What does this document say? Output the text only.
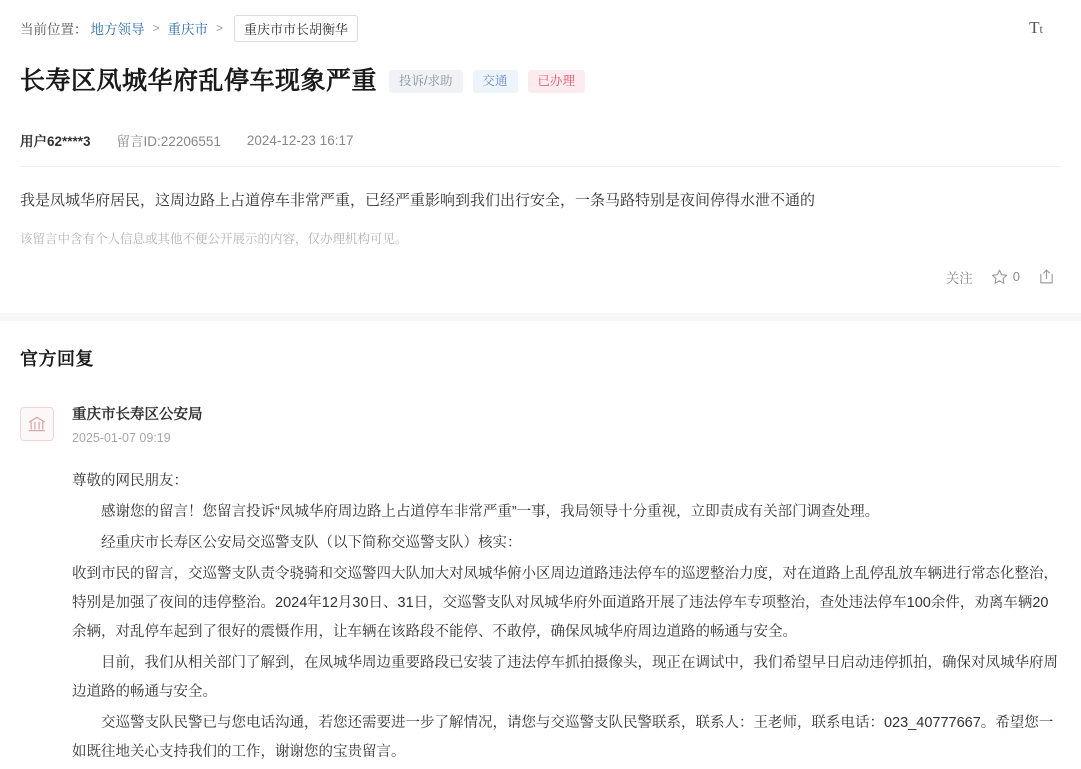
当前位置： 地方领导 > 重庆市 >	重庆市市长胡衡华	T t
长寿区凤城华府乱停车现象严重	投诉/求助	交通	已办理
用户62****3 留言ID:22206551 2024-12-23 16:17
我是凤城华府居民，这周边路上占道停车非常严重，已经严重影响到我们出行安全，一条马路特别是夜间停得水泄不通的
该留言中含有个人信息或其他不便公开展示的内容，仅办理机构可见。
关注	0
官方回复
重庆市长寿区公安局
2025-01-07 09:19

尊敬的网民朋友：

感谢您的留言！您留言投诉“凤城华府周边路上占道停车非常严重”一事，我局领导十分重视，立即责成有关部门调查处理。

经重庆市长寿区公安局交巡警支队（以下简称交巡警支队）核实：

收到市民的留言，交巡警支队责令骁骑和交巡警四大队加大对凤城华俯小区周边道路违法停车的巡逻整治力度，对在道路上乱停乱放车辆进行常态化整治，特别是加强了夜间的违停整治。2024年12月30日、31日，交巡警支队对凤城华府外面道路开展了违法停车专项整治，查处违法停车100余件，劝离车辆20余辆，对乱停车起到了很好的震慑作用，让车辆在该路段不能停、不敢停，确保凤城华府周边道路的畅通与安全。

目前，我们从相关部门了解到，在凤城华周边重要路段已安装了违法停车抓拍摄像头，现正在调试中，我们希望早日启动违停抓拍，确保对凤城华府周边道路的畅通与安全。

交巡警支队民警已与您电话沟通，若您还需要进一步了解情况，请您与交巡警支队民警联系，联系人：王老师，联系电话：023_40777667。希望您一如既往地关心支持我们的工作，谢谢您的宝贵留言。
